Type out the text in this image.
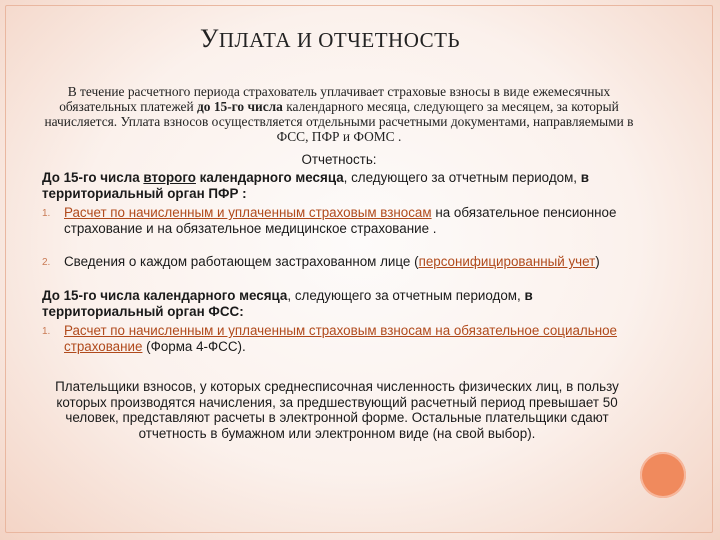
УПЛАТА И ОТЧЕТНОСТЬ
В течение расчетного периода страхователь уплачивает страховые взносы в виде ежемесячных обязательных платежей до 15-го числа календарного месяца, следующего за месяцем, за который начисляется. Уплата взносов осуществляется отдельными расчетными документами, направляемыми в ФСС, ПФР и ФОМС .
Отчетность:
До 15-го числа второго календарного месяца, следующего за отчетным периодом, в территориальный орган ПФР :
1. Расчет по начисленным и уплаченным страховым взносам на обязательное пенсионное страхование и на обязательное медицинское страхование .
2. Сведения о каждом работающем застрахованном лице (персонифицированный учет)
До 15-го числа календарного месяца, следующего за отчетным периодом, в территориальный орган ФСС:
1. Расчет по начисленным и уплаченным страховым взносам на обязательное социальное страхование (Форма 4-ФСС).
Плательщики взносов, у которых среднесписочная численность физических лиц, в пользу которых производятся начисления, за предшествующий расчетный период превышает 50 человек, представляют расчеты в электронной форме. Остальные плательщики сдают отчетность в бумажном или электронном виде (на свой выбор).
